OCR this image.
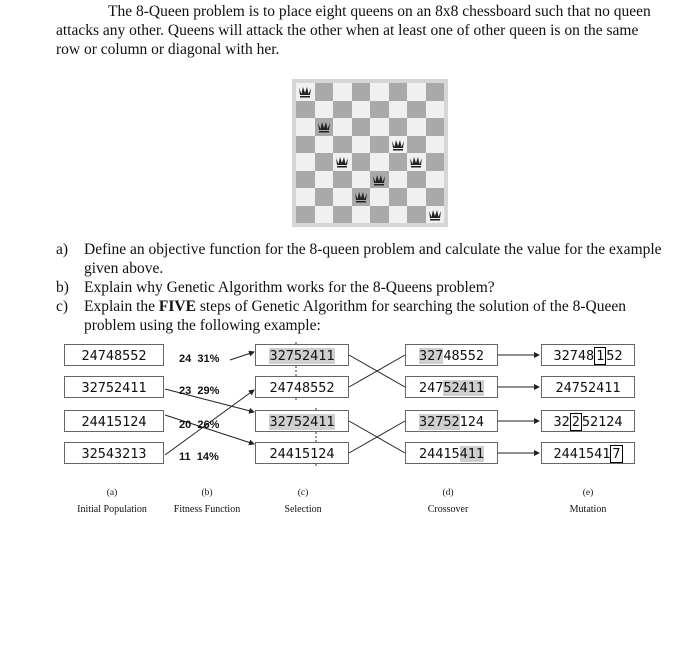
The 8-Queen problem is to place eight queens on an 8x8 chessboard such that no queen attacks any other. Queens will attack the other when at least one of other queen is on the same row or column or diagonal with her.

a) Define an objective function for the 8-queen problem and calculate the value for the example given above.

b) Explain why Genetic Algorithm works for the 8-Queens problem?

c) Explain the FIVE steps of Genetic Algorithm for searching the solution of the 8-Queen problem using the following example:

24748552
32752411
24415124
32543213
24 31%
23 29%
20 26%
11 14%
32752411
24748552
32752411
24415124
32748552
24752411
32752124
24415411
32748 1 52
24752411
32 2 52124
2441541 7
(a)
Initial Population
(b)
Fitness Function
(c)
Selection
(d)
Crossover
(e)
Mutation
